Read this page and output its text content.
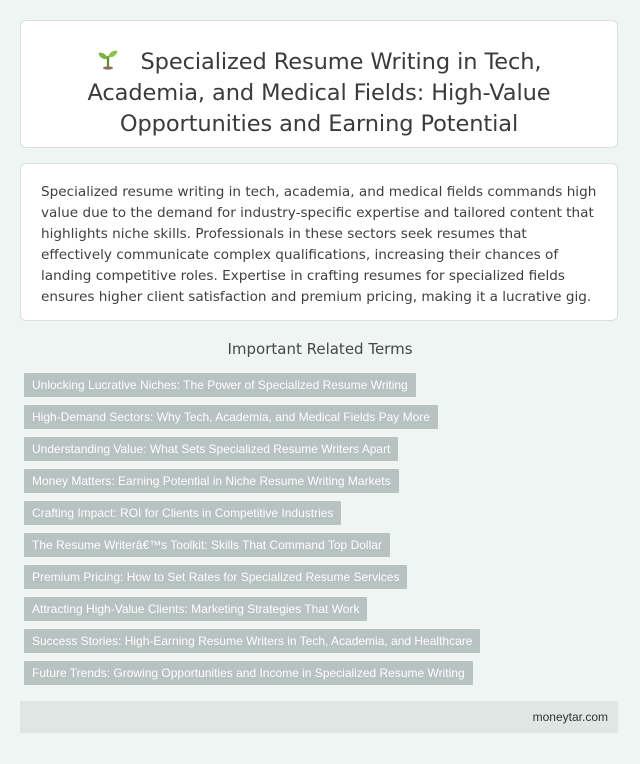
Specialized Resume Writing in Tech, Academia, and Medical Fields: High-Value Opportunities and Earning Potential

Specialized resume writing in tech, academia, and medical fields commands high value due to the demand for industry-specific expertise and tailored content that highlights niche skills. Professionals in these sectors seek resumes that effectively communicate complex qualifications, increasing their chances of landing competitive roles. Expertise in crafting resumes for specialized fields ensures higher client satisfaction and premium pricing, making it a lucrative gig.

Important Related Terms
Unlocking Lucrative Niches: The Power of Specialized Resume Writing
High-Demand Sectors: Why Tech, Academia, and Medical Fields Pay More
Understanding Value: What Sets Specialized Resume Writers Apart
Money Matters: Earning Potential in Niche Resume Writing Markets
Crafting Impact: ROI for Clients in Competitive Industries
The Resume Writerâ€™s Toolkit: Skills That Command Top Dollar
Premium Pricing: How to Set Rates for Specialized Resume Services
Attracting High-Value Clients: Marketing Strategies That Work
Success Stories: High-Earning Resume Writers in Tech, Academia, and Healthcare
Future Trends: Growing Opportunities and Income in Specialized Resume Writing
moneytar.com
